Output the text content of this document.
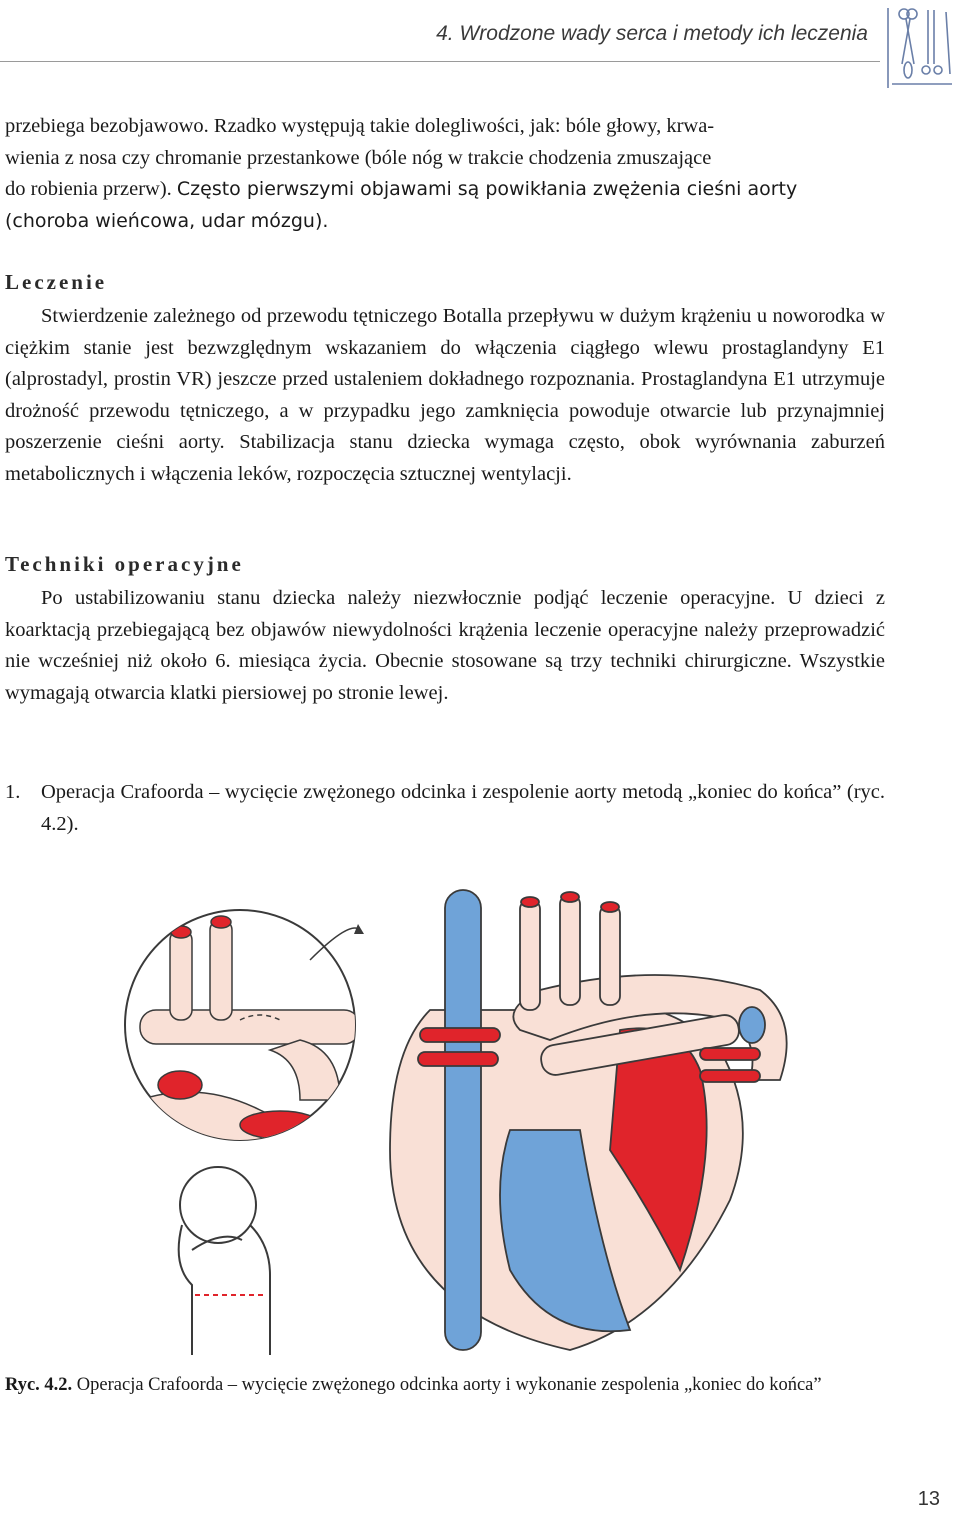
4. Wrodzone wady serca i metody ich leczenia

przebiega bezobjawowo. Rzadko występują takie dolegliwości, jak: bóle głowy, krwa-

wienia z nosa czy chromanie przestankowe (bóle nóg w trakcie chodzenia zmuszające

do robienia przerw). Często pierwszymi objawami są powikłania zwężenia cieśni aorty

(choroba wieńcowa, udar mózgu).

Leczenie

Stwierdzenie zależnego od przewodu tętniczego Botalla przepływu w dużym krążeniu u noworodka w ciężkim stanie jest bezwzględnym wskazaniem do włączenia ciągłego wlewu prostaglandyny E1 (alprostadyl, prostin VR) jeszcze przed ustaleniem dokładnego rozpoznania. Prostaglandyna E1 utrzymuje drożność przewodu tętniczego, a w przypadku jego zamknięcia powoduje otwarcie lub przynajmniej poszerzenie cieśni aorty. Stabilizacja stanu dziecka wymaga często, obok wyrównania zaburzeń metabolicznych i włączenia leków, rozpoczęcia sztucznej wentylacji.

Techniki operacyjne

Po ustabilizowaniu stanu dziecka należy niezwłocznie podjąć leczenie operacyjne. U dzieci z koarktacją przebiegającą bez objawów niewydolności krążenia leczenie operacyjne należy przeprowadzić nie wcześniej niż około 6. miesiąca życia. Obecnie stosowane są trzy techniki chirurgiczne. Wszystkie wymagają otwarcia klatki piersiowej po stronie lewej.

1. Operacja Crafoorda – wycięcie zwężonego odcinka i zespolenie aorty metodą „koniec do końca” (ryc. 4.2).
Ryc. 4.2. Operacja Crafoorda – wycięcie zwężonego odcinka aorty i wykonanie zespolenia „koniec do końca”
13
